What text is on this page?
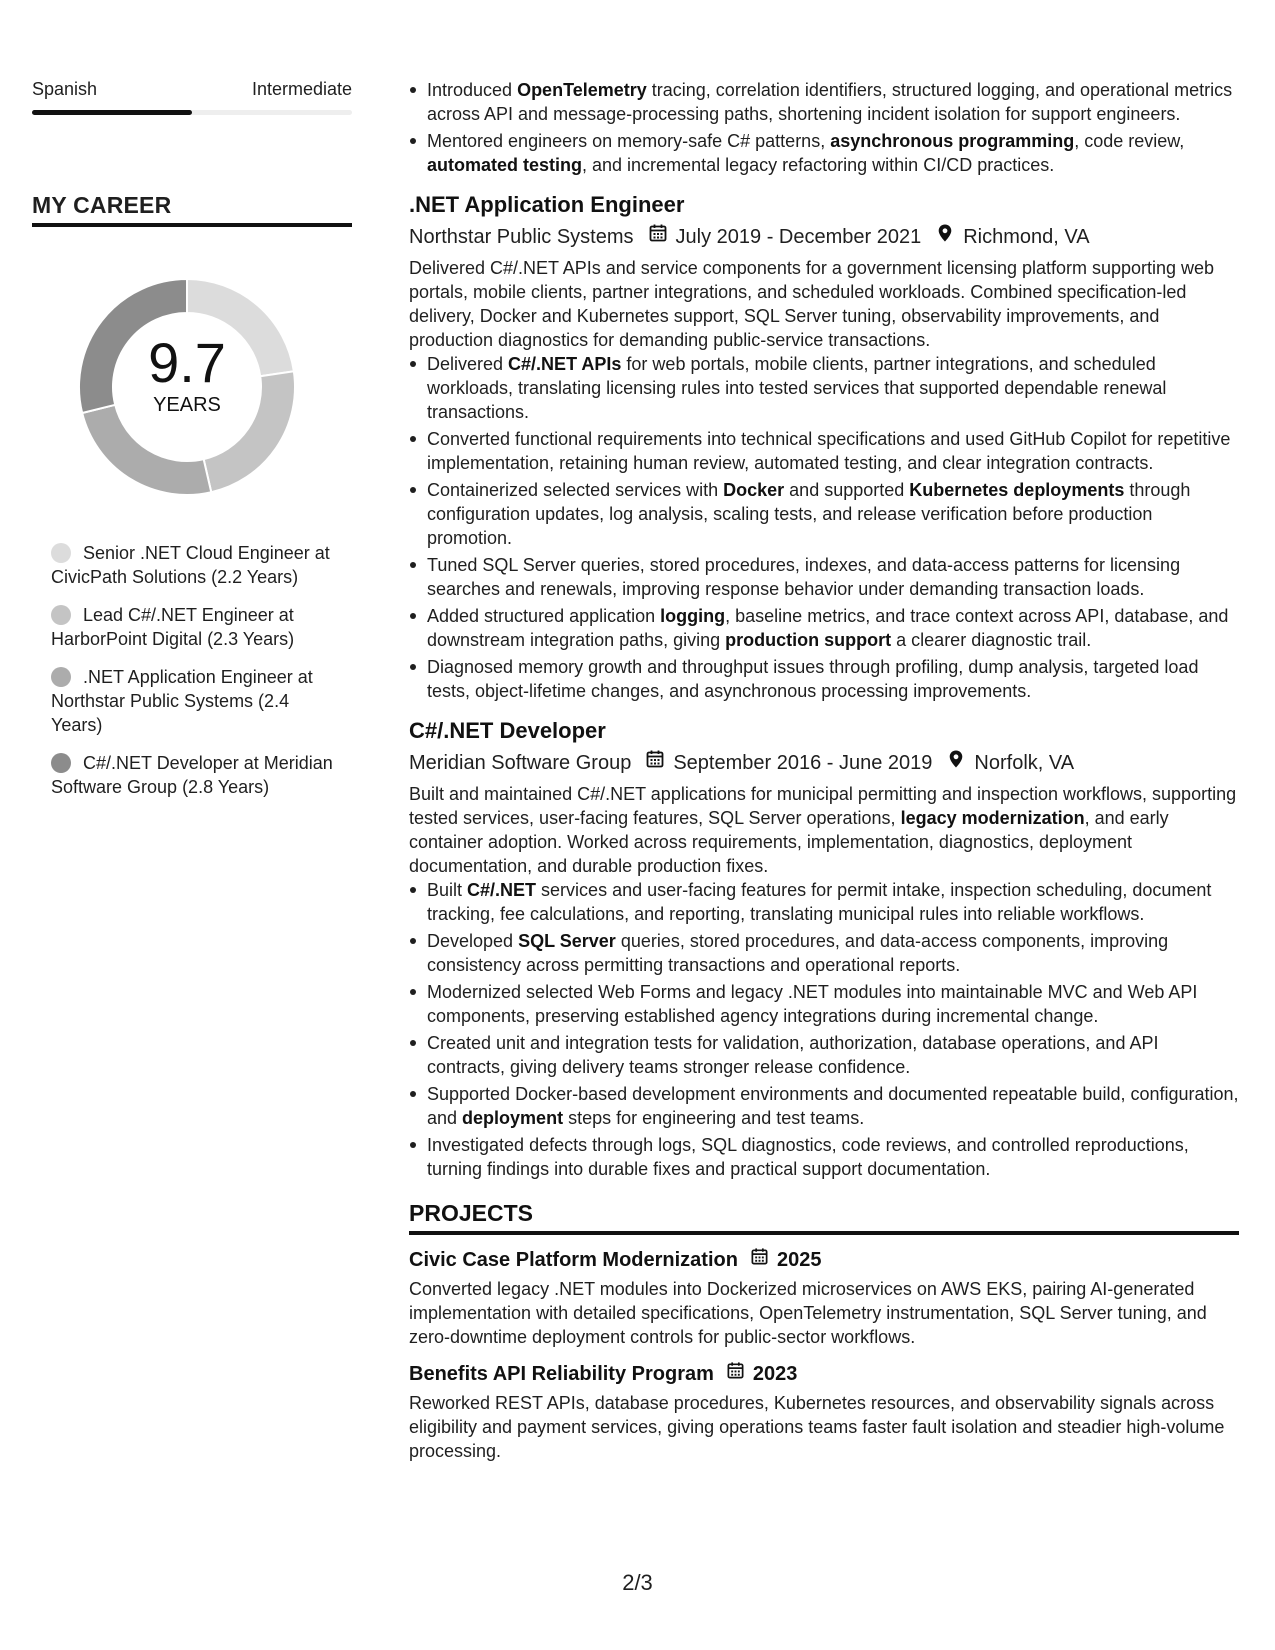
Spanish	Intermediate
MY CAREER
9.7
YEARS
Senior .NET Cloud Engineer at CivicPath Solutions (2.2 Years)
Lead C#/.NET Engineer at HarborPoint Digital (2.3 Years)
.NET Application Engineer at Northstar Public Systems (2.4 Years)
C#/.NET Developer at Meridian Software Group (2.8 Years)
Introduced OpenTelemetry tracing, correlation identifiers, structured logging, and operational metrics across API and message-processing paths, shortening incident isolation for support engineers.
Mentored engineers on memory-safe C# patterns, asynchronous programming, code review, automated testing, and incremental legacy refactoring within CI/CD practices.
.NET Application Engineer
Northstar Public Systems July 2019 - December 2021 Richmond, VA
Delivered C#/.NET APIs and service components for a government licensing platform supporting web portals, mobile clients, partner integrations, and scheduled workloads. Combined specification-led delivery, Docker and Kubernetes support, SQL Server tuning, observability improvements, and production diagnostics for demanding public-service transactions.
Delivered C#/.NET APIs for web portals, mobile clients, partner integrations, and scheduled workloads, translating licensing rules into tested services that supported dependable renewal transactions.
Converted functional requirements into technical specifications and used GitHub Copilot for repetitive implementation, retaining human review, automated testing, and clear integration contracts.
Containerized selected services with Docker and supported Kubernetes deployments through configuration updates, log analysis, scaling tests, and release verification before production promotion.
Tuned SQL Server queries, stored procedures, indexes, and data-access patterns for licensing searches and renewals, improving response behavior under demanding transaction loads.
Added structured application logging, baseline metrics, and trace context across API, database, and downstream integration paths, giving production support a clearer diagnostic trail.
Diagnosed memory growth and throughput issues through profiling, dump analysis, targeted load tests, object-lifetime changes, and asynchronous processing improvements.
C#/.NET Developer
Meridian Software Group September 2016 - June 2019 Norfolk, VA
Built and maintained C#/.NET applications for municipal permitting and inspection workflows, supporting tested services, user-facing features, SQL Server operations, legacy modernization, and early container adoption. Worked across requirements, implementation, diagnostics, deployment documentation, and durable production fixes.
Built C#/.NET services and user-facing features for permit intake, inspection scheduling, document tracking, fee calculations, and reporting, translating municipal rules into reliable workflows.
Developed SQL Server queries, stored procedures, and data-access components, improving consistency across permitting transactions and operational reports.
Modernized selected Web Forms and legacy .NET modules into maintainable MVC and Web API components, preserving established agency integrations during incremental change.
Created unit and integration tests for validation, authorization, database operations, and API contracts, giving delivery teams stronger release confidence.
Supported Docker-based development environments and documented repeatable build, configuration, and deployment steps for engineering and test teams.
Investigated defects through logs, SQL diagnostics, code reviews, and controlled reproductions, turning findings into durable fixes and practical support documentation.
PROJECTS
Civic Case Platform Modernization 2025
Converted legacy .NET modules into Dockerized microservices on AWS EKS, pairing AI-generated implementation with detailed specifications, OpenTelemetry instrumentation, SQL Server tuning, and zero-downtime deployment controls for public-sector workflows.
Benefits API Reliability Program 2023
Reworked REST APIs, database procedures, Kubernetes resources, and observability signals across eligibility and payment services, giving operations teams faster fault isolation and steadier high-volume processing.
2/3
